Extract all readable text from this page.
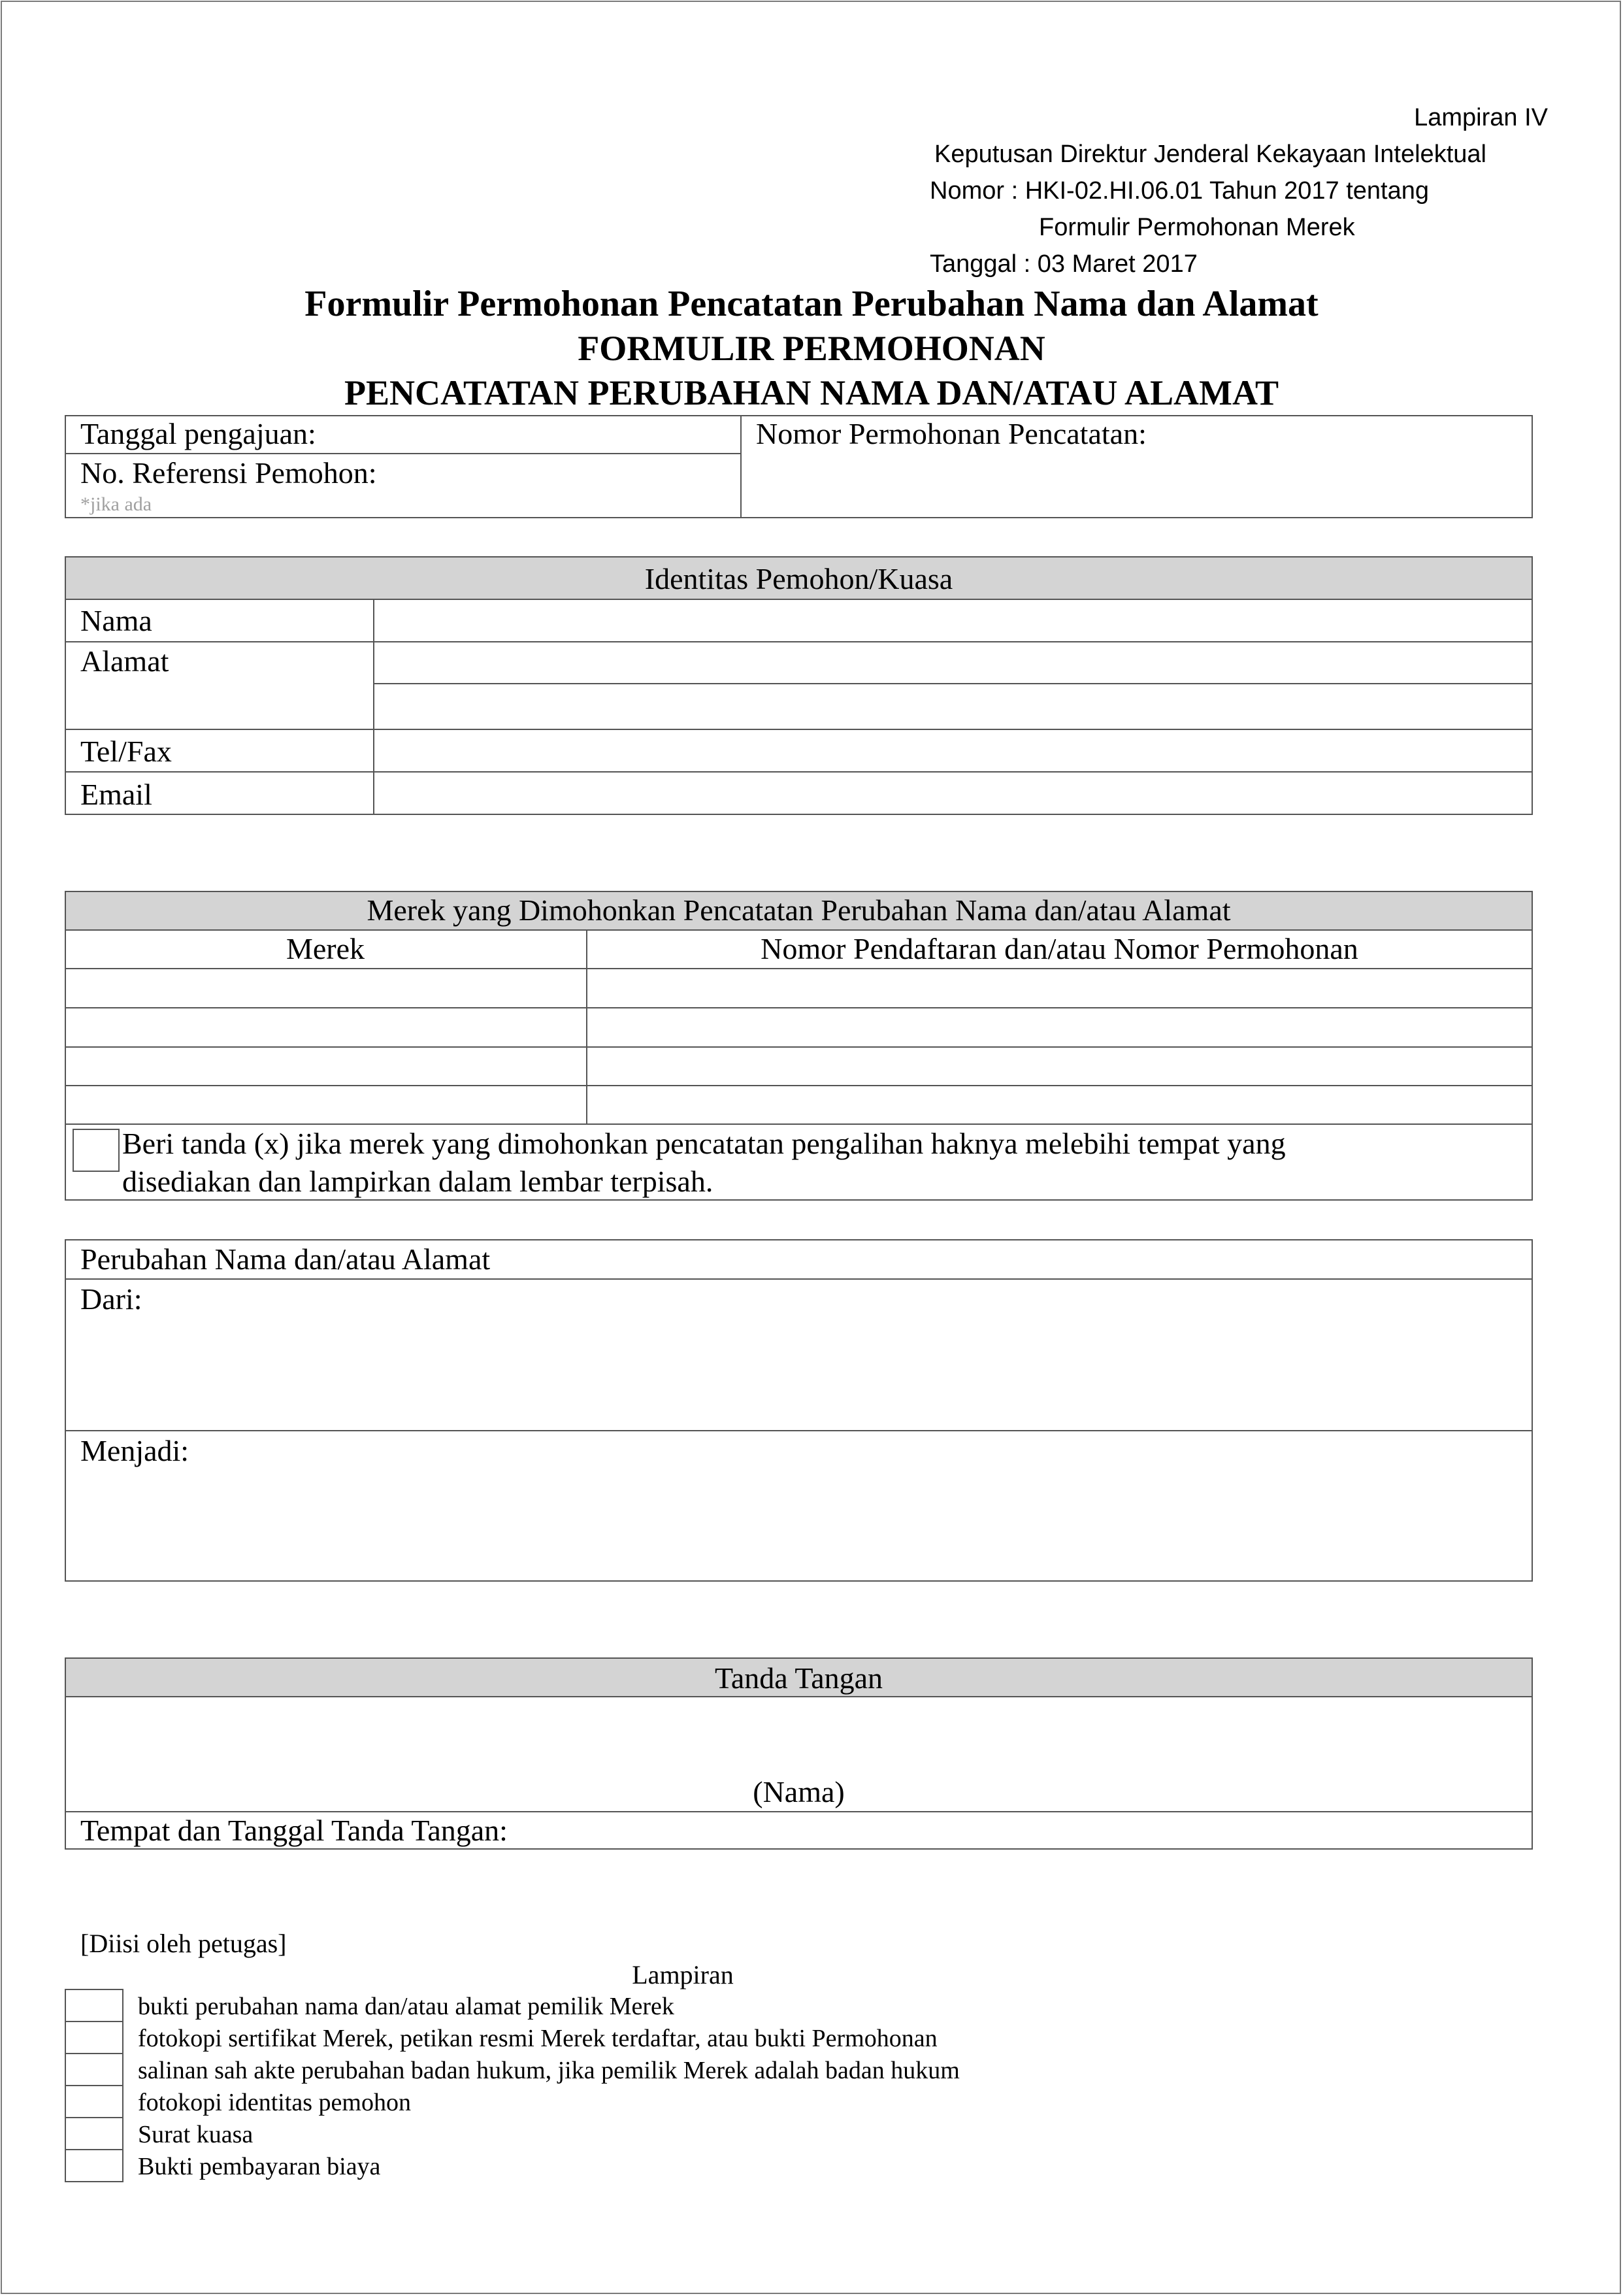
Lampiran IV
Keputusan Direktur Jenderal Kekayaan Intelektual
Nomor : HKI-02.HI.06.01 Tahun 2017 tentang
Formulir Permohonan Merek
Tanggal : 03 Maret 2017
Formulir Permohonan Pencatatan Perubahan Nama dan Alamat
FORMULIR PERMOHONAN
PENCATATAN PERUBAHAN NAMA DAN/ATAU ALAMAT
Tanggal pengajuan:
No. Referensi Pemohon:
*jika ada
Nomor Permohonan Pencatatan:
Identitas Pemohon/Kuasa
Nama
Alamat
Tel/Fax
Email
Merek yang Dimohonkan Pencatatan Perubahan Nama dan/atau Alamat
Merek	Nomor Pendaftaran dan/atau Nomor Permohonan
Beri tanda (x) jika merek yang dimohonkan pencatatan pengalihan haknya melebihi tempat yang
disediakan dan lampirkan dalam lembar terpisah.
Perubahan Nama dan/atau Alamat
Dari:
Menjadi:
Tanda Tangan
(Nama)
Tempat dan Tanggal Tanda Tangan:
[Diisi oleh petugas]
Lampiran
bukti perubahan nama dan/atau alamat pemilik Merek
fotokopi sertifikat Merek, petikan resmi Merek terdaftar, atau bukti Permohonan
salinan sah akte perubahan badan hukum, jika pemilik Merek adalah badan hukum
fotokopi identitas pemohon
Surat kuasa
Bukti pembayaran biaya
